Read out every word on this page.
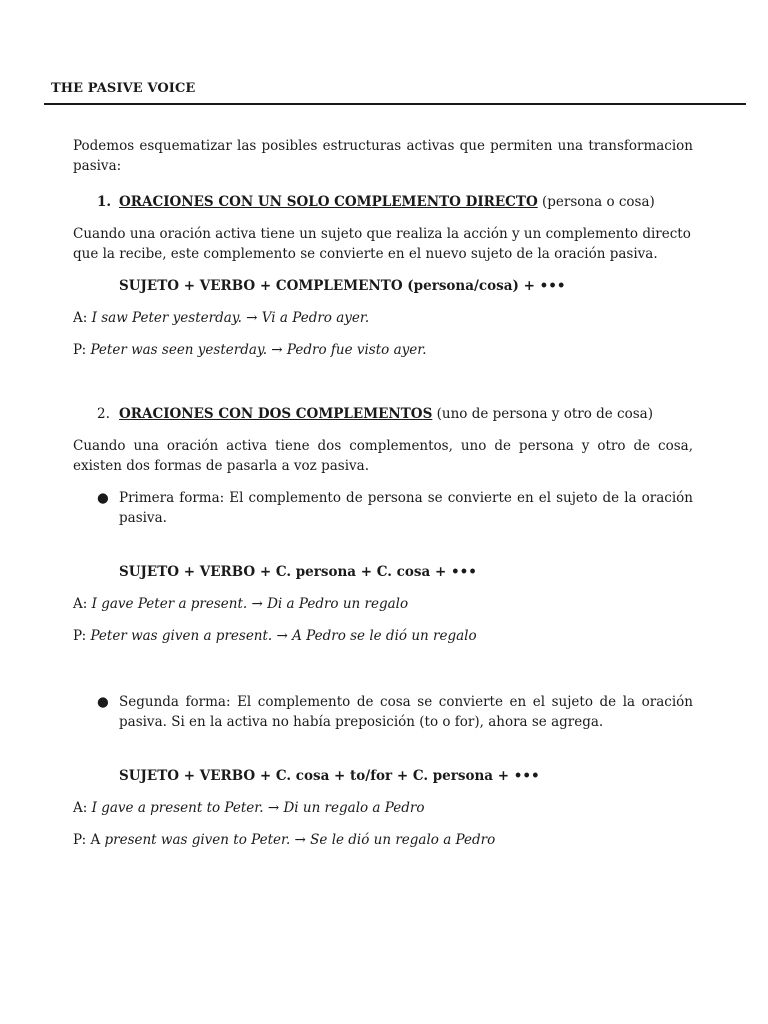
THE PASIVE VOICE

Podemos esquematizar las posibles estructuras activas que permiten una transformacion pasiva:

1. ORACIONES CON UN SOLO COMPLEMENTO DIRECTO (persona o cosa)

Cuando una oración activa tiene un sujeto que realiza la acción y un complemento directo que la recibe, este complemento se convierte en el nuevo sujeto de la oración pasiva.

SUJETO + VERBO + COMPLEMENTO (persona/cosa) + •••

A: I saw Peter yesterday. → Vi a Pedro ayer.

P: Peter was seen yesterday. → Pedro fue visto ayer.

2. ORACIONES CON DOS COMPLEMENTOS (uno de persona y otro de cosa)

Cuando una oración activa tiene dos complementos, uno de persona y otro de cosa, existen dos formas de pasarla a voz pasiva.

● Primera forma: El complemento de persona se convierte en el sujeto de la oración pasiva.

SUJETO + VERBO + C. persona + C. cosa + •••

A: I gave Peter a present. → Di a Pedro un regalo

P: Peter was given a present. → A Pedro se le dió un regalo

● Segunda forma: El complemento de cosa se convierte en el sujeto de la oración pasiva. Si en la activa no había preposición (to o for), ahora se agrega.

SUJETO + VERBO + C. cosa + to/for + C. persona + •••

A: I gave a present to Peter. → Di un regalo a Pedro

P: A present was given to Peter. → Se le dió un regalo a Pedro
